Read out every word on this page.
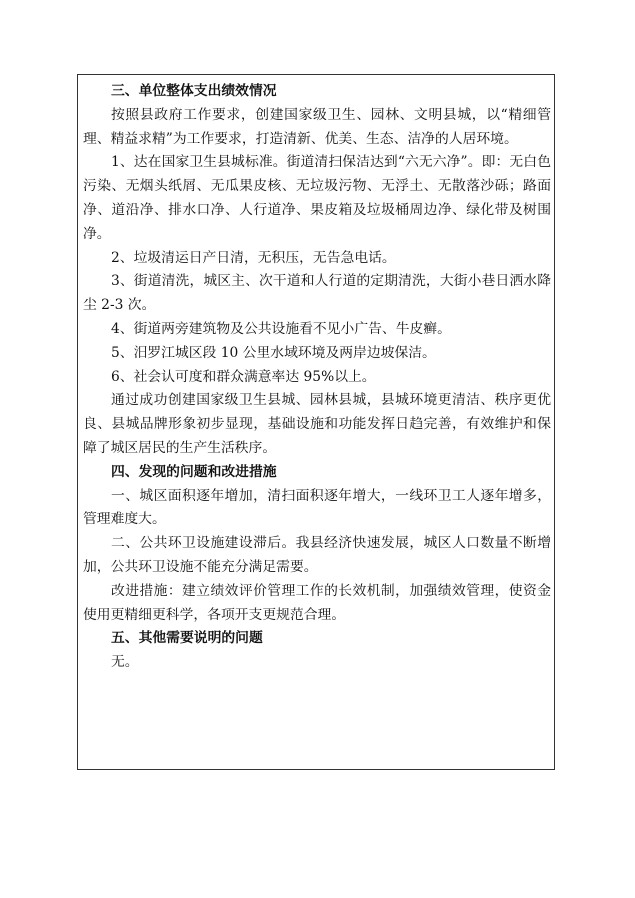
三、单位整体支出绩效情况

按照县政府工作要求，创建国家级卫生、园林、文明县城，以“精细管理、精益求精”为工作要求，打造清新、优美、生态、洁净的人居环境。

1、达在国家卫生县城标准。街道清扫保洁达到“六无六净”。即：无白色污染、无烟头纸屑、无瓜果皮核、无垃圾污物、无浮土、无散落沙砾；路面净、道沿净、排水口净、人行道净、果皮箱及垃圾桶周边净、绿化带及树围净。

2、垃圾清运日产日清，无积压，无告急电话。

3、街道清洗，城区主、次干道和人行道的定期清洗，大街小巷日洒水降尘 2-3 次。

4、街道两旁建筑物及公共设施看不见小广告、牛皮癣。

5、汨罗江城区段 10 公里水域环境及两岸边坡保洁。

6、社会认可度和群众满意率达 95%以上。

通过成功创建国家级卫生县城、园林县城，县城环境更清洁、秩序更优良、县城品牌形象初步显现，基础设施和功能发挥日趋完善，有效维护和保障了城区居民的生产生活秩序。

四、发现的问题和改进措施

一、城区面积逐年增加，清扫面积逐年增大，一线环卫工人逐年增多，管理难度大。

二、公共环卫设施建设滞后。我县经济快速发展，城区人口数量不断增加，公共环卫设施不能充分满足需要。

改进措施：建立绩效评价管理工作的长效机制，加强绩效管理，使资金使用更精细更科学，各项开支更规范合理。

五、其他需要说明的问题

无。
